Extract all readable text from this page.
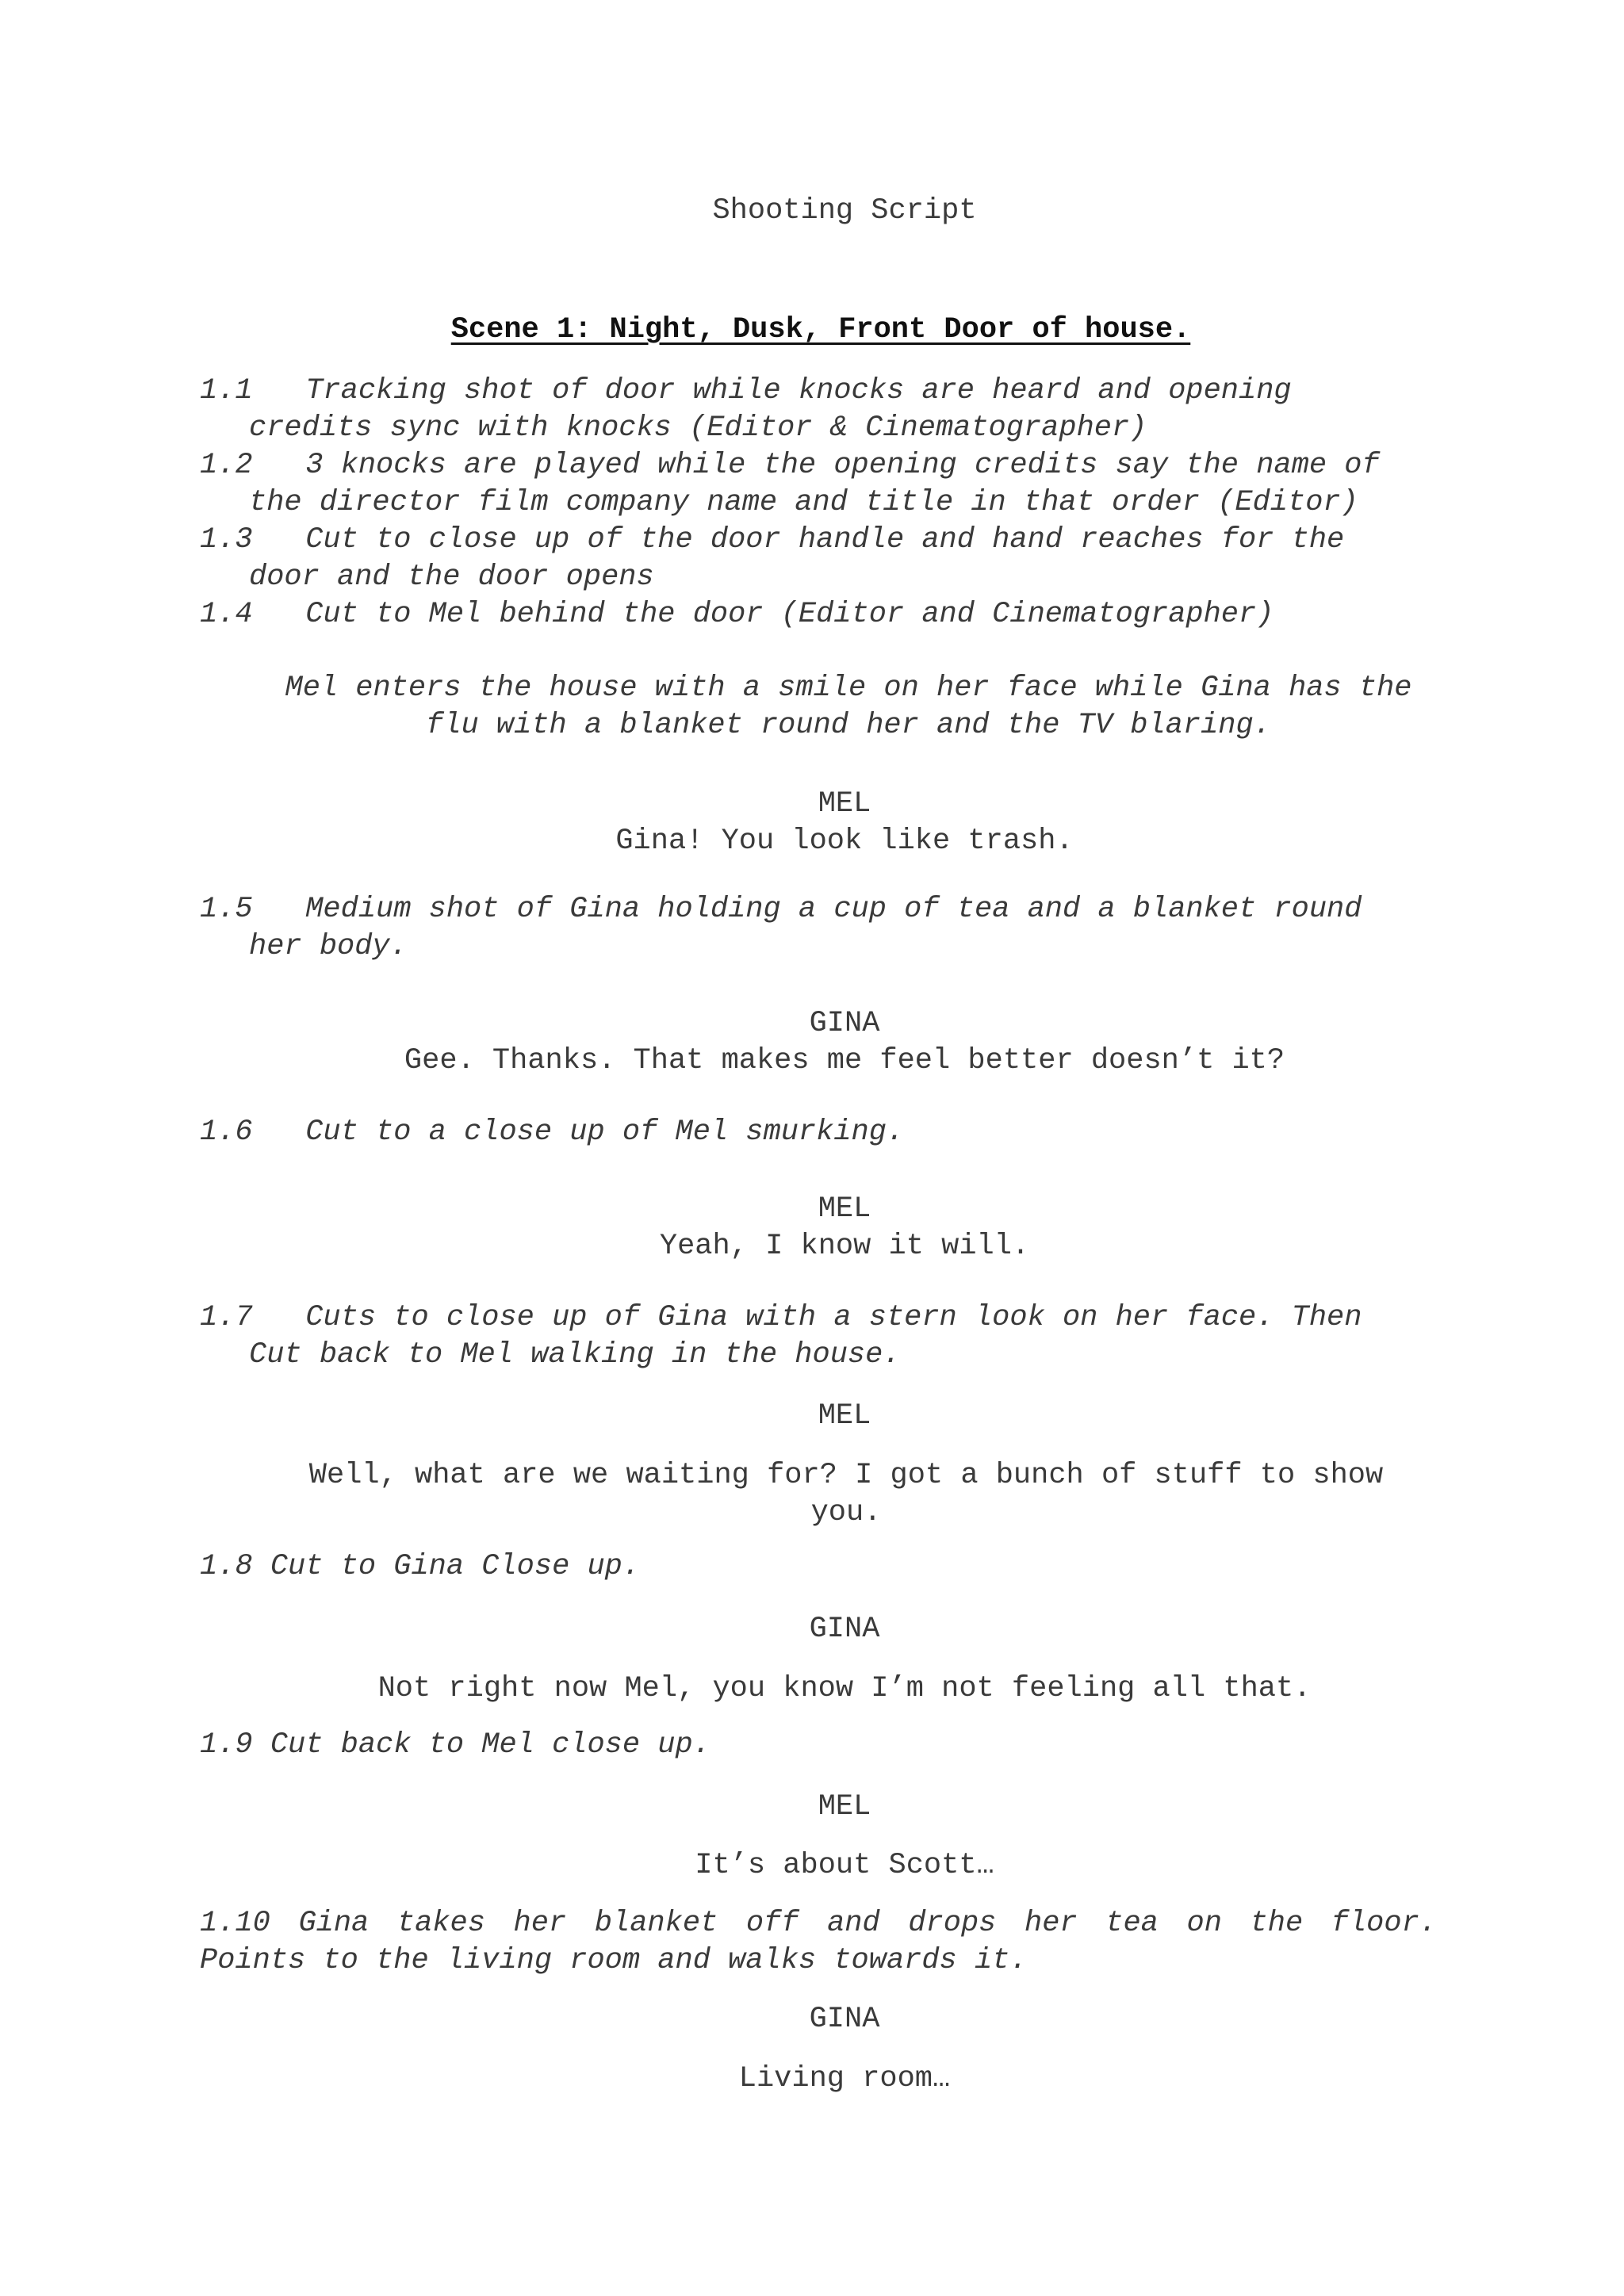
Shooting Script
Scene 1: Night, Dusk, Front Door of house.
1.1   Tracking shot of door while knocks are heard and opening
credits sync with knocks (Editor & Cinematographer)
1.2   3 knocks are played while the opening credits say the name of
the director film company name and title in that order (Editor)
1.3   Cut to close up of the door handle and hand reaches for the
door and the door opens
1.4   Cut to Mel behind the door (Editor and Cinematographer)
Mel enters the house with a smile on her face while Gina has the
flu with a blanket round her and the TV blaring.
MEL
Gina! You look like trash.
1.5   Medium shot of Gina holding a cup of tea and a blanket round
her body.
GINA
Gee. Thanks. That makes me feel better doesn’t it?
1.6   Cut to a close up of Mel smurking.
MEL
Yeah, I know it will.
1.7   Cuts to close up of Gina with a stern look on her face. Then
Cut back to Mel walking in the house.
MEL
Well, what are we waiting for? I got a bunch of stuff to show
you.
1.8 Cut to Gina Close up.
GINA
Not right now Mel, you know I’m not feeling all that.
1.9 Cut back to Mel close up.
MEL
It’s about Scott…
1.10 Gina takes her blanket off and drops her tea on the floor.
Points to the living room and walks towards it.
GINA
Living room…
